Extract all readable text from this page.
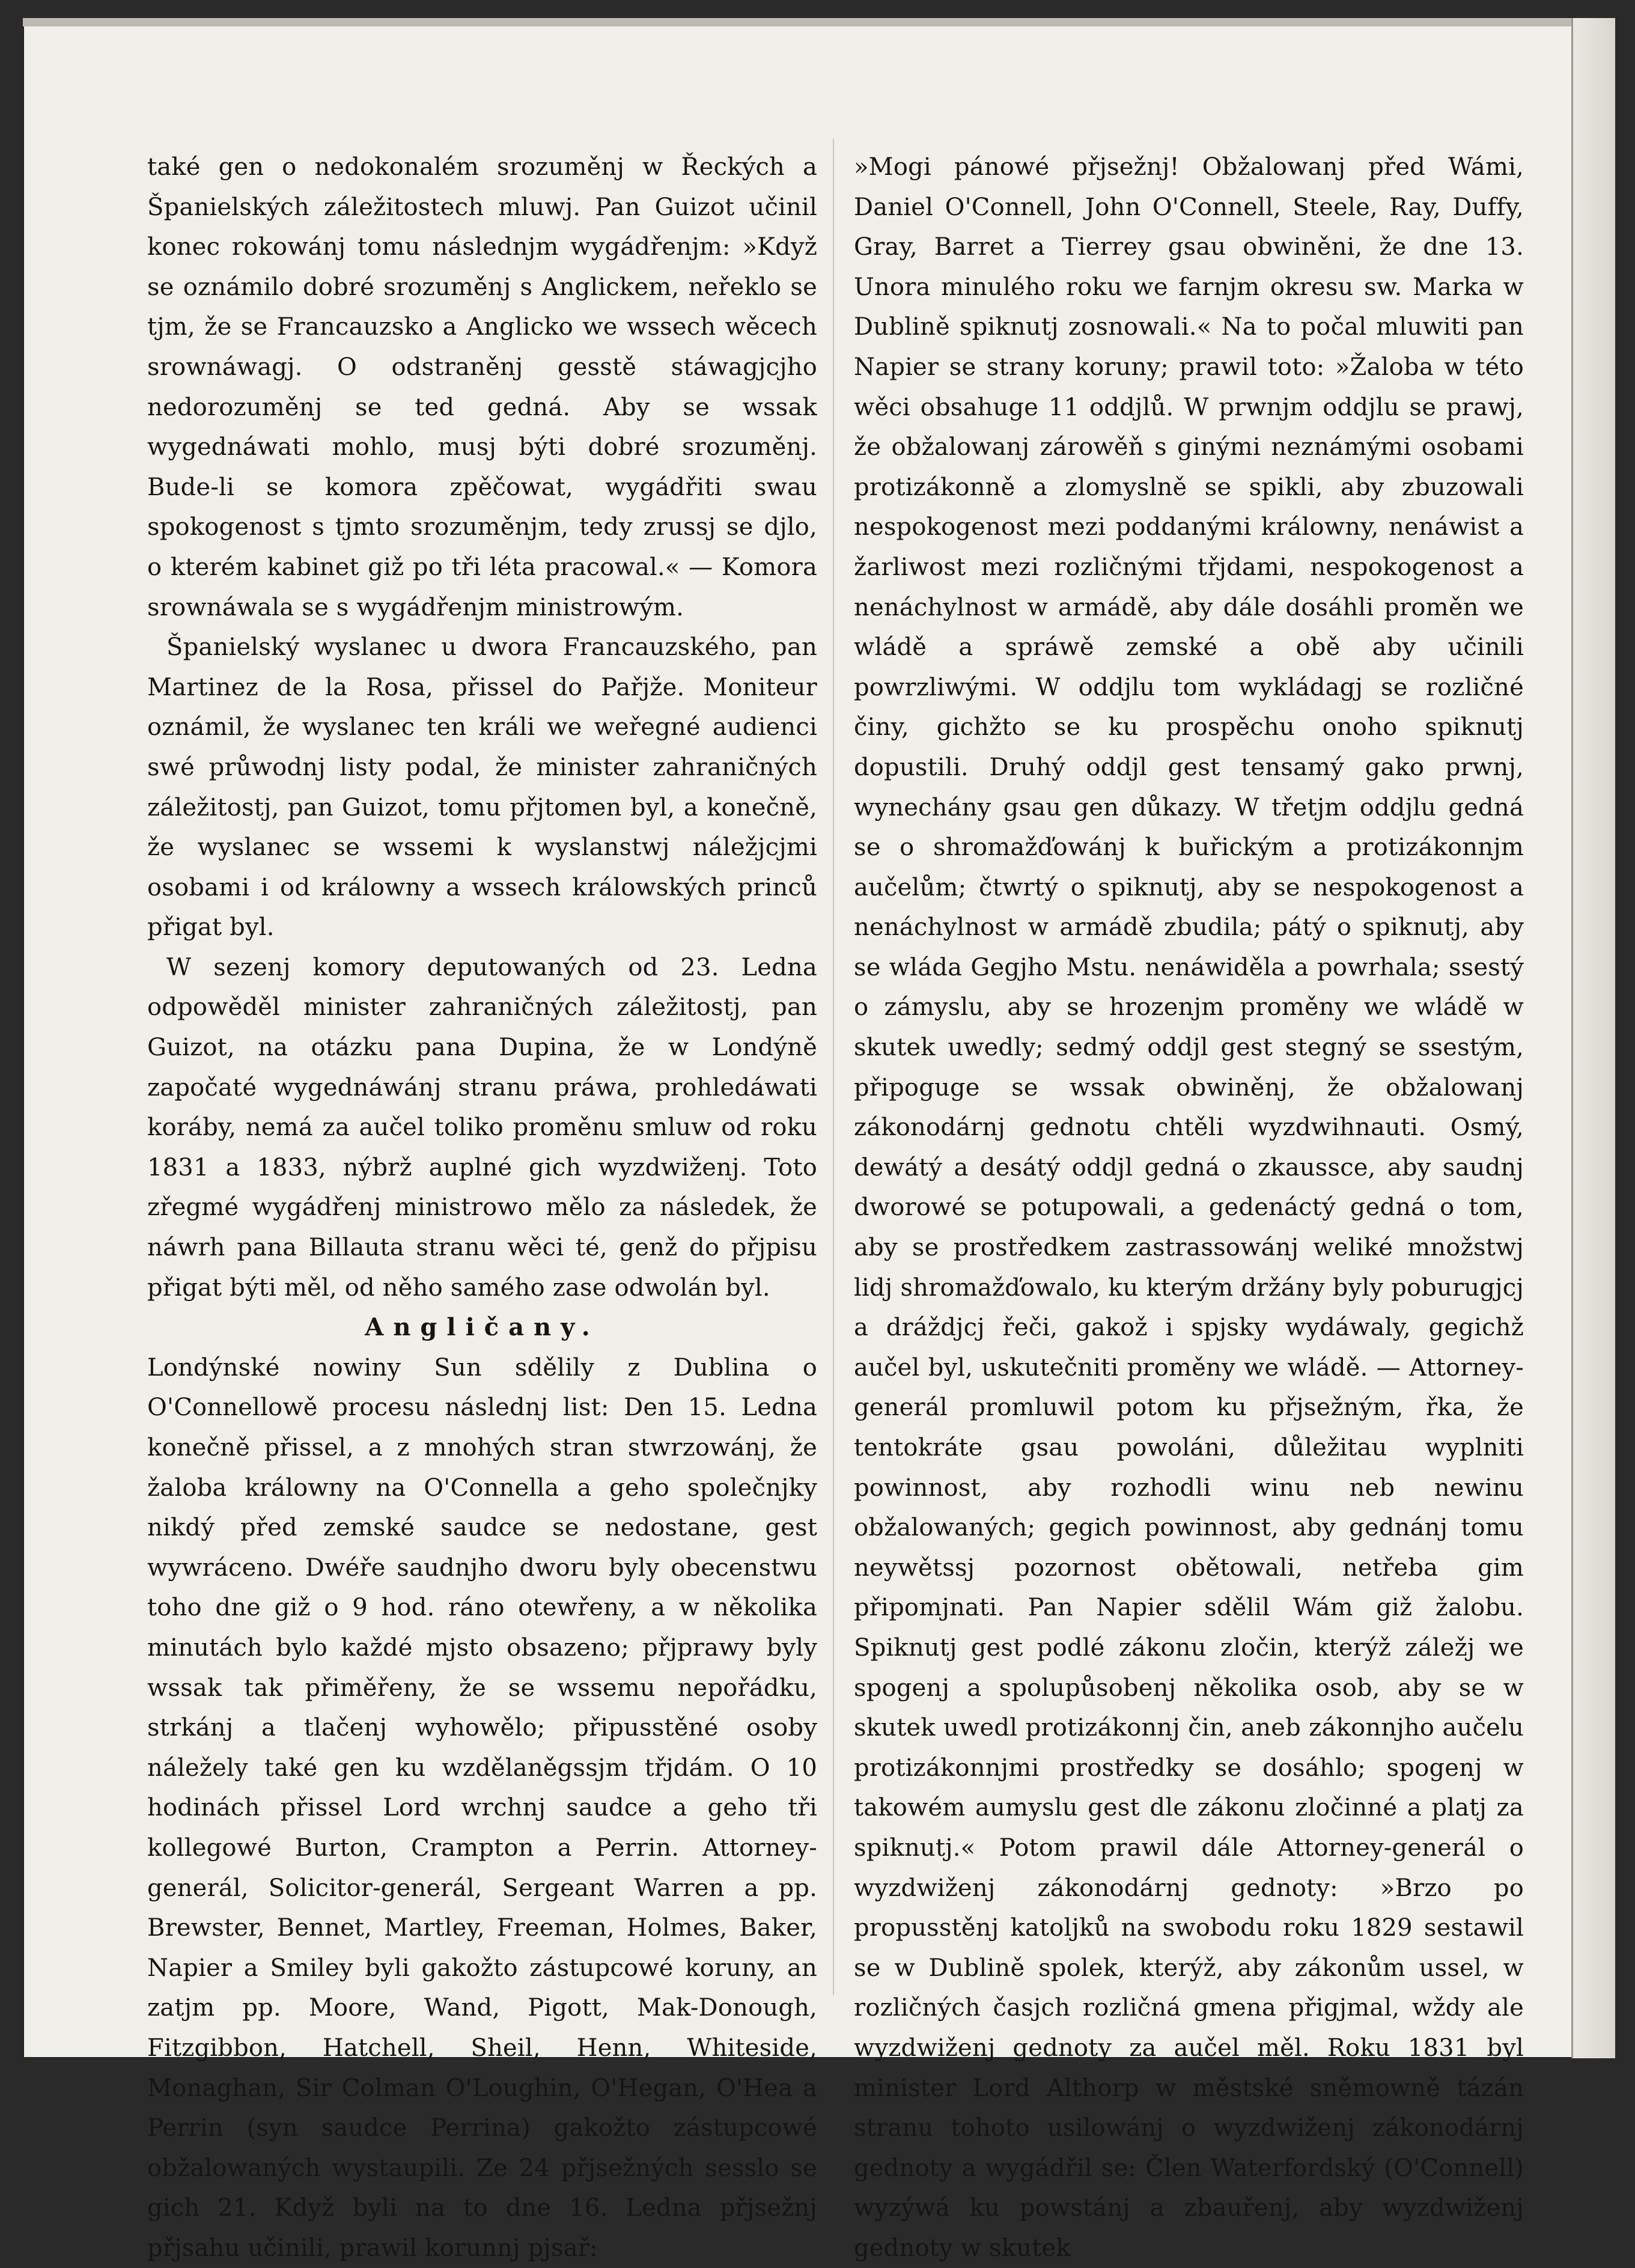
také gen o nedokonalém srozuměnj w Řeckých a Španielských záležitostech mluwj. Pan Guizot učinil konec rokowánj tomu následnjm wygádřenjm: »Když se oznámilo dobré srozuměnj s Anglickem, neřeklo se tjm, že se Francauzsko a Anglicko we wssech wěcech srownáwagj. O odstraněnj gesstě stáwagjcjho nedorozuměnj se ted gedná. Aby se wssak wygednáwati mohlo, musj býti dobré srozuměnj. Bude-li se komora zpěčowat, wygádřiti swau spokogenost s tjmto srozuměnjm, tedy zrussj se djlo, o kterém kabinet giž po tři léta pracowal.« — Komora srownáwala se s wygádřenjm ministrowým.

Španielský wyslanec u dwora Francauzského, pan Martinez de la Rosa, přissel do Pařjže. Moniteur oznámil, že wyslanec ten králi we weřegné audienci swé průwodnj listy podal, že minister zahraničných záležitostj, pan Guizot, tomu přjtomen byl, a konečně, že wyslanec se wssemi k wyslanstwj náležjcjmi osobami i od králowny a wssech králowských princů přigat byl.

W sezenj komory deputowaných od 23. Ledna odpowěděl minister zahraničných záležitostj, pan Guizot, na otázku pana Dupina, že w Londýně započaté wygednáwánj stranu práwa, prohledáwati koráby, nemá za aučel toliko proměnu smluw od roku 1831 a 1833, nýbrž auplné gich wyzdwiženj. Toto zřegmé wygádřenj ministrowo mělo za následek, že náwrh pana Billauta stranu wěci té, genž do přjpisu přigat býti měl, od něho samého zase odwolán byl.

Angličany.

Londýnské nowiny Sun sdělily z Dublina o O'Connellowě procesu následnj list: Den 15. Ledna konečně přissel, a z mnohých stran stwrzowánj, že žaloba králowny na O'Connella a geho společnjky nikdý před zemské saudce se nedostane, gest wywráceno. Dwéře saudnjho dworu byly obecenstwu toho dne giž o 9 hod. ráno otewřeny, a w několika minutách bylo každé mjsto obsazeno; přjprawy byly wssak tak přiměřeny, že se wssemu nepořádku, strkánj a tlačenj wyhowělo; připusstěné osoby náležely také gen ku wzdělaněgssjm třjdám. O 10 hodinách přissel Lord wrchnj saudce a geho tři kollegowé Burton, Crampton a Perrin. Attorney-generál, Solicitor-generál, Sergeant Warren a pp. Brewster, Bennet, Martley, Freeman, Holmes, Baker, Napier a Smiley byli gakožto zástupcowé koruny, an zatjm pp. Moore, Wand, Pigott, Mak-Donough, Fitzgibbon, Hatchell, Sheil, Henn, Whiteside, Monaghan, Sir Colman O'Loughin, O'Hegan, O'Hea a Perrin (syn saudce Perrina) gakožto zástupcowé obžalowaných wystaupili. Ze 24 přjsežných sesslo se gich 21. Když byli na to dne 16. Ledna přjsežnj přjsahu učinili, prawil korunnj pjsař:

»Mogi pánowé přjsežnj! Obžalowanj před Wámi, Daniel O'Connell, John O'Connell, Steele, Ray, Duffy, Gray, Barret a Tierrey gsau obwiněni, že dne 13. Unora minulého roku we farnjm okresu sw. Marka w Dublině spiknutj zosnowali.« Na to počal mluwiti pan Napier se strany koruny; prawil toto: »Žaloba w této wěci obsahuge 11 oddjlů. W prwnjm oddjlu se prawj, že obžalowanj zárowěň s ginými neznámými osobami protizákonně a zlomyslně se spikli, aby zbuzowali nespokogenost mezi poddanými králowny, nenáwist a žarliwost mezi rozličnými třjdami, nespokogenost a nenáchylnost w armádě, aby dále dosáhli proměn we wládě a spráwě zemské a obě aby učinili powrzliwými. W oddjlu tom wykládagj se rozličné činy, gichžto se ku prospěchu onoho spiknutj dopustili. Druhý oddjl gest tensamý gako prwnj, wynechány gsau gen důkazy. W třetjm oddjlu gedná se o shromažďowánj k buřickým a protizákonnjm aučelům; čtwrtý o spiknutj, aby se nespokogenost a nenáchylnost w armádě zbudila; pátý o spiknutj, aby se wláda Gegjho Mstu. nenáwiděla a powrhala; ssestý o zámyslu, aby se hrozenjm proměny we wládě w skutek uwedly; sedmý oddjl gest stegný se ssestým, připoguge se wssak obwiněnj, že obžalowanj zákonodárnj gednotu chtěli wyzdwihnauti. Osmý, dewátý a desátý oddjl gedná o zkaussce, aby saudnj dworowé se potupowali, a gedenáctý gedná o tom, aby se prostředkem zastrassowánj weliké množstwj lidj shromažďowalo, ku kterým držány byly poburugjcj a dráždjcj řeči, gakož i spjsky wydáwaly, gegichž aučel byl, uskutečniti proměny we wládě. — Attorney-generál promluwil potom ku přjsežným, řka, že tentokráte gsau powoláni, důležitau wyplniti powinnost, aby rozhodli winu neb newinu obžalowaných; gegich powinnost, aby gednánj tomu neywětssj pozornost obětowali, netřeba gim připomjnati. Pan Napier sdělil Wám giž žalobu. Spiknutj gest podlé zákonu zločin, kterýž záležj we spogenj a spolupůsobenj několika osob, aby se w skutek uwedl protizákonnj čin, aneb zákonnjho aučelu protizákonnjmi prostředky se dosáhlo; spogenj w takowém aumyslu gest dle zákonu zločinné a platj za spiknutj.« Potom prawil dále Attorney-generál o wyzdwiženj zákonodárnj gednoty: »Brzo po propusstěnj katoljků na swobodu roku 1829 sestawil se w Dublině spolek, kterýž, aby zákonům ussel, w rozličných časjch rozličná gmena přigjmal, wždy ale wyzdwiženj gednoty za aučel měl. Roku 1831 byl minister Lord Althorp w městské sněmowně tázán stranu tohoto usilowánj o wyzdwiženj zákonodárnj gednoty a wygádřil se: Člen Waterfordský (O'Connell) wyzýwá ku powstánj a zbauřenj, aby wyzdwiženj gednoty w skutek
